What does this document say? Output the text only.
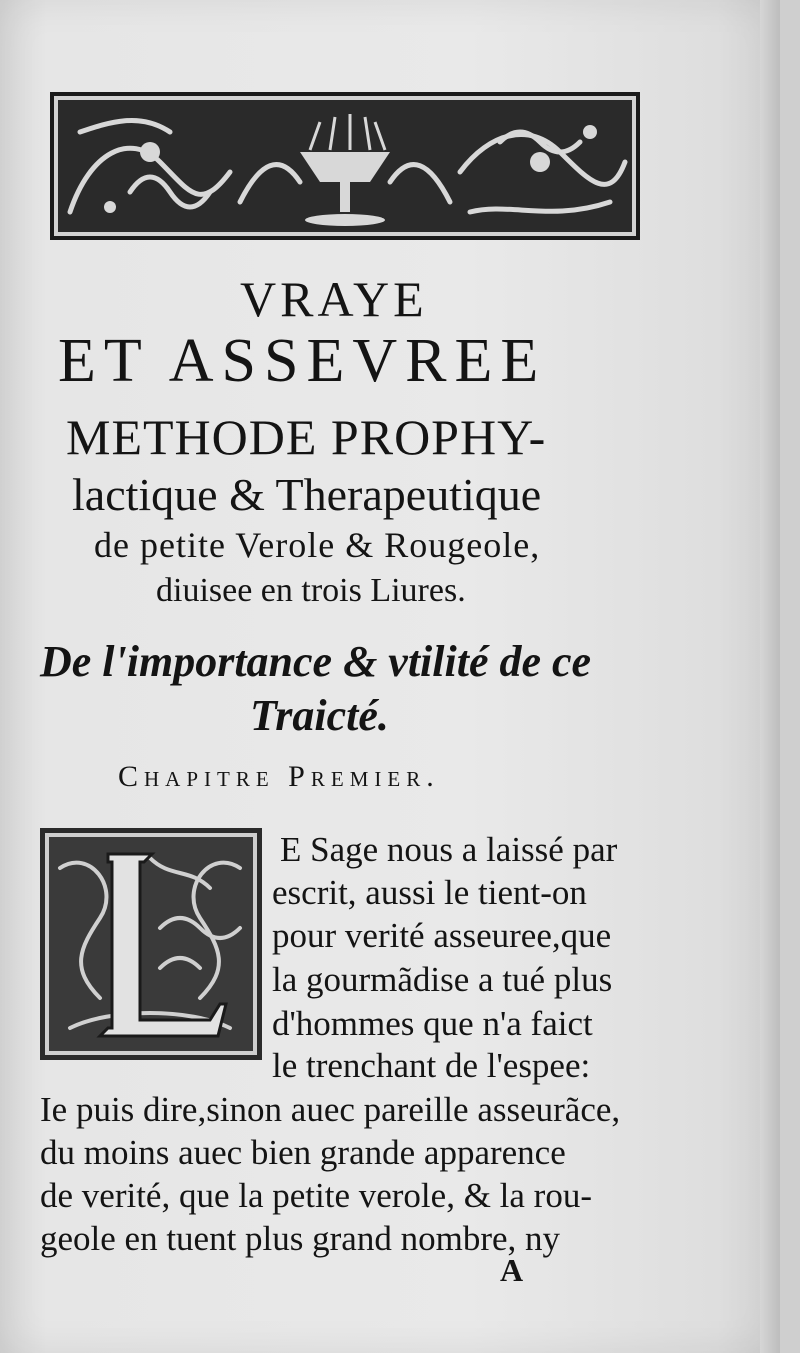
VRAYE
ET ASSEVREE
METHODE PROPHY-
lactique & Therapeutique
de petite Verole & Rougeole,
diuisee en trois Liures.
De l'importance & vtilité de ce
Traicté.
Chapitre Premier.
E Sage nous a laissé par
escrit, aussi le tient-on
pour verité asseuree,que
la gourmãdise a tué plus
d'hommes que n'a faict
le trenchant de l'espee:
Ie puis dire,sinon auec pareille asseurãce,
du moins auec bien grande apparence
de verité, que la petite verole, & la rou-
geole en tuent plus grand nombre, ny
A
